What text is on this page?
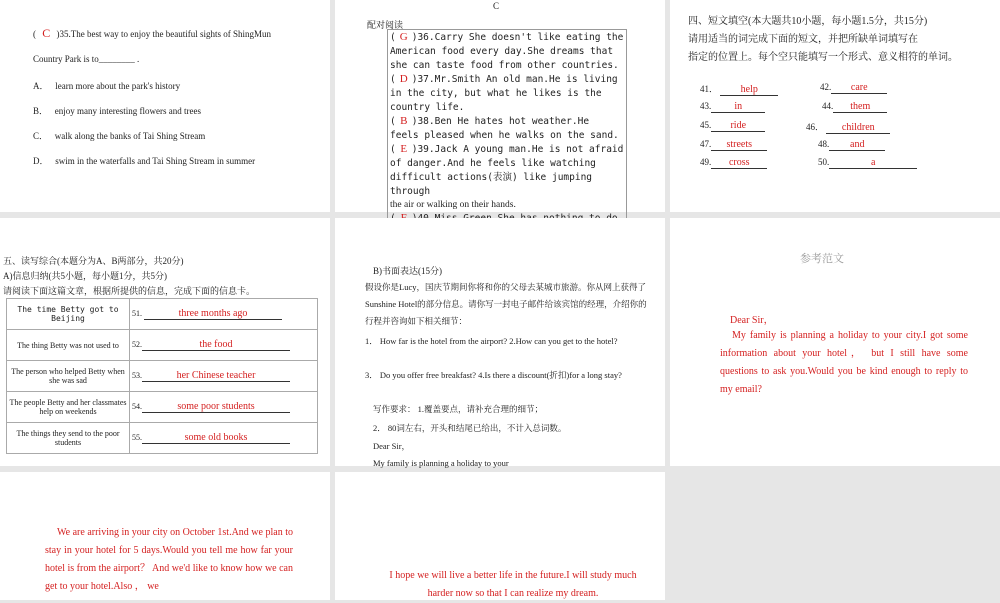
( C )35.The best way to enjoy the beautiful sights of ShingMun
Country Park is to________ .
A． learn more about the park's history
B． enjoy many interesting flowers and trees
C． walk along the banks of Tai Shing Stream
D． swim in the waterfalls and Tai Shing Stream in summer
C
配对阅读
( G )36.Carry She doesn't like eating the
American food every day.She dreams that
she can taste food from other countries.
( D )37.Mr.Smith An old man.He is living
in the city, but what he likes is the
country life.
( B )38.Ben He hates hot weather.He
feels pleased when he walks on the sand.
( E )39.Jack A young man.He is not afraid
of danger.And he feels like watching
difficult actions(表演) like jumping through
the air or walking on their hands.

四、短文填空(本大题共10小题，每小题1.5分，共15分)
请用适当的词完成下面的短文，并把所缺单词填写在
指定的位置上。每个空只能填写一个形式、意义相符的单词。
41． help	42. care
43. in	44. them
45. ride	46． children
47. streets	48. and
49. cross	50.	a
五、读写综合(本题分为A、B两部分，共20分)
A)信息归纳(共5小题，每小题1分，共5分)
请阅读下面这篇文章，根据所提供的信息，完成下面的信息卡。
The time Betty got to Beijing	51. three months ago
The thing Betty was not used to	52. the food
The person who helped Betty when she was sad	53. her Chinese teacher
The people Betty and her classmates help on weekends	54. some poor students
The things they send to the poor students	55. some old books
B)书面表达(15分)
假设你是Lucy，国庆节期间你将和你的父母去某城市旅游。你从网上获得了Sunshine Hotel的部分信息。请你写一封电子邮件给该宾馆的经理，介绍你的行程并咨询如下相关细节：
1． How far is the hotel from the airport? 2.How can you get to the hotel?
3． Do you offer free breakfast? 4.Is there a discount(折扣)for a long stay?
写作要求： 1.覆盖要点，请补充合理的细节；
2． 80词左右，开头和结尾已给出，不计入总词数。
Dear Sir，
My family is planning a holiday to your
参考范文
Dear Sir，
My family is planning a holiday to your city.I got some information about your hotel， but I still have some questions to ask you.Would you be kind enough to reply to my email?
We are arriving in your city on October 1st.And we plan to stay in your hotel for 5 days.Would you tell me how far your hotel is from the airport？ And we'd like to know how we can get to your hotel.Also ， we
I hope we will live a better life in the future.I will study much harder now so that I can realize my dream.
